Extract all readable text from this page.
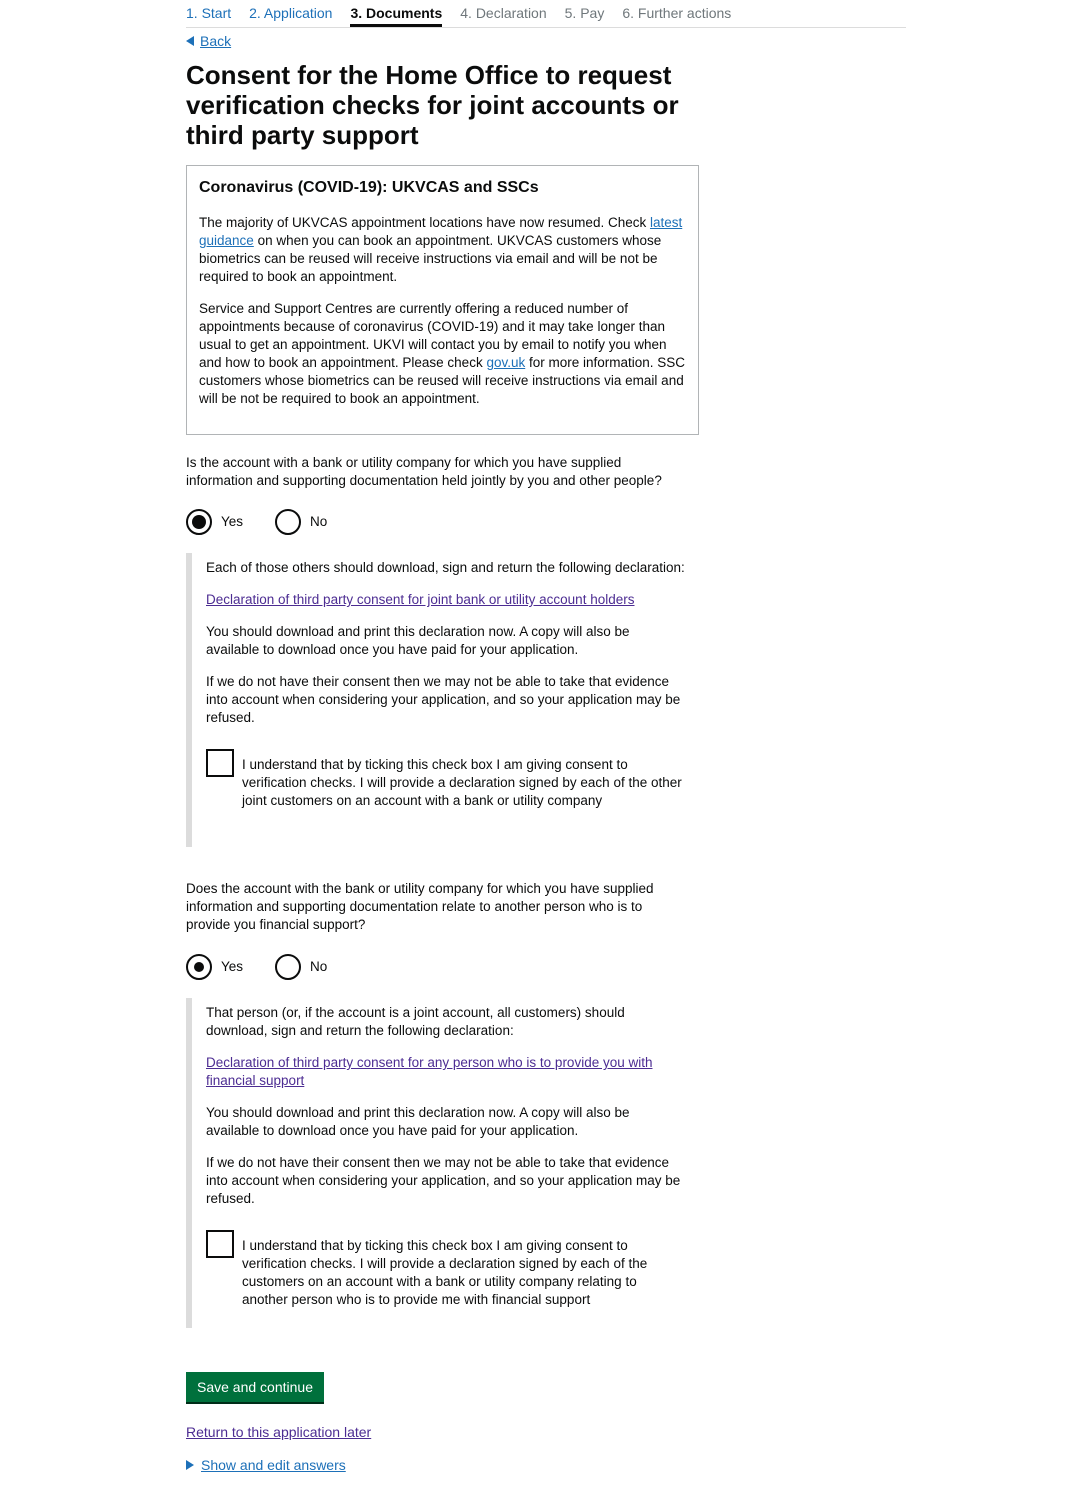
1. Start 2. Application 3. Documents 4. Declaration 5. Pay 6. Further actions
Back
Consent for the Home Office to request verification checks for joint accounts or third party support
Coronavirus (COVID-19): UKVCAS and SSCs

The majority of UKVCAS appointment locations have now resumed. Check latest guidance on when you can book an appointment. UKVCAS customers whose biometrics can be reused will receive instructions via email and will be not be required to book an appointment.

Service and Support Centres are currently offering a reduced number of appointments because of coronavirus (COVID-19) and it may take longer than usual to get an appointment. UKVI will contact you by email to notify you when and how to book an appointment. Please check gov.uk for more information. SSC customers whose biometrics can be reused will receive instructions via email and will be not be required to book an appointment.

Is the account with a bank or utility company for which you have supplied information and supporting documentation held jointly by you and other people?
Yes	No

Each of those others should download, sign and return the following declaration:

Declaration of third party consent for joint bank or utility account holders

You should download and print this declaration now. A copy will also be available to download once you have paid for your application.

If we do not have their consent then we may not be able to take that evidence into account when considering your application, and so your application may be refused.

I understand that by ticking this check box I am giving consent to verification checks. I will provide a declaration signed by each of the other joint customers on an account with a bank or utility company
Does the account with the bank or utility company for which you have supplied information and supporting documentation relate to another person who is to provide you financial support?
Yes	No

That person (or, if the account is a joint account, all customers) should download, sign and return the following declaration:

Declaration of third party consent for any person who is to provide you with financial support

You should download and print this declaration now. A copy will also be available to download once you have paid for your application.

If we do not have their consent then we may not be able to take that evidence into account when considering your application, and so your application may be refused.

I understand that by ticking this check box I am giving consent to verification checks. I will provide a declaration signed by each of the customers on an account with a bank or utility company relating to another person who is to provide me with financial support
Save and continue
Return to this application later
Show and edit answers
